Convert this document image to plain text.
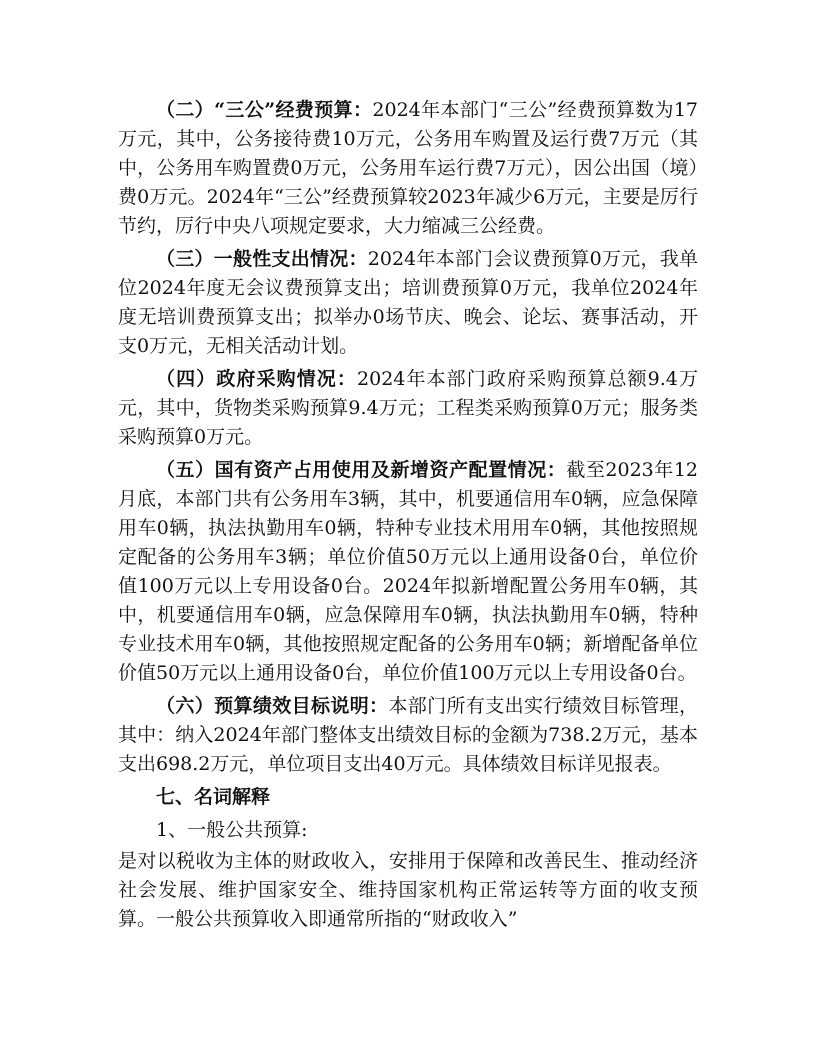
（二）“三公”经费预算：2024年本部门“三公”经费预算数为17万元，其中，公务接待费10万元，公务用车购置及运行费7万元（其中，公务用车购置费0万元，公务用车运行费7万元），因公出国（境）费0万元。2024年“三公”经费预算较2023年减少6万元，主要是厉行节约，厉行中央八项规定要求，大力缩减三公经费。

（三）一般性支出情况：2024年本部门会议费预算0万元，我单位2024年度无会议费预算支出；培训费预算0万元，我单位2024年度无培训费预算支出；拟举办0场节庆、晚会、论坛、赛事活动，开支0万元，无相关活动计划。

（四）政府采购情况：2024年本部门政府采购预算总额9.4万元，其中，货物类采购预算9.4万元；工程类采购预算0万元；服务类采购预算0万元。

（五）国有资产占用使用及新增资产配置情况：截至2023年12月底，本部门共有公务用车3辆，其中，机要通信用车0辆，应急保障用车0辆，执法执勤用车0辆，特种专业技术用用车0辆，其他按照规定配备的公务用车3辆；单位价值50万元以上通用设备0台，单位价值100万元以上专用设备0台。2024年拟新增配置公务用车0辆，其中，机要通信用车0辆，应急保障用车0辆，执法执勤用车0辆，特种专业技术用车0辆，其他按照规定配备的公务用车0辆；新增配备单位价值50万元以上通用设备0台，单位价值100万元以上专用设备0台。

（六）预算绩效目标说明：本部门所有支出实行绩效目标管理，其中：纳入2024年部门整体支出绩效目标的金额为738.2万元，基本支出698.2万元，单位项目支出40万元。具体绩效目标详见报表。

七、名词解释

1、一般公共预算:

是对以税收为主体的财政收入，安排用于保障和改善民生、推动经济社会发展、维护国家安全、维持国家机构正常运转等方面的收支预算。一般公共预算收入即通常所指的“财政收入”
